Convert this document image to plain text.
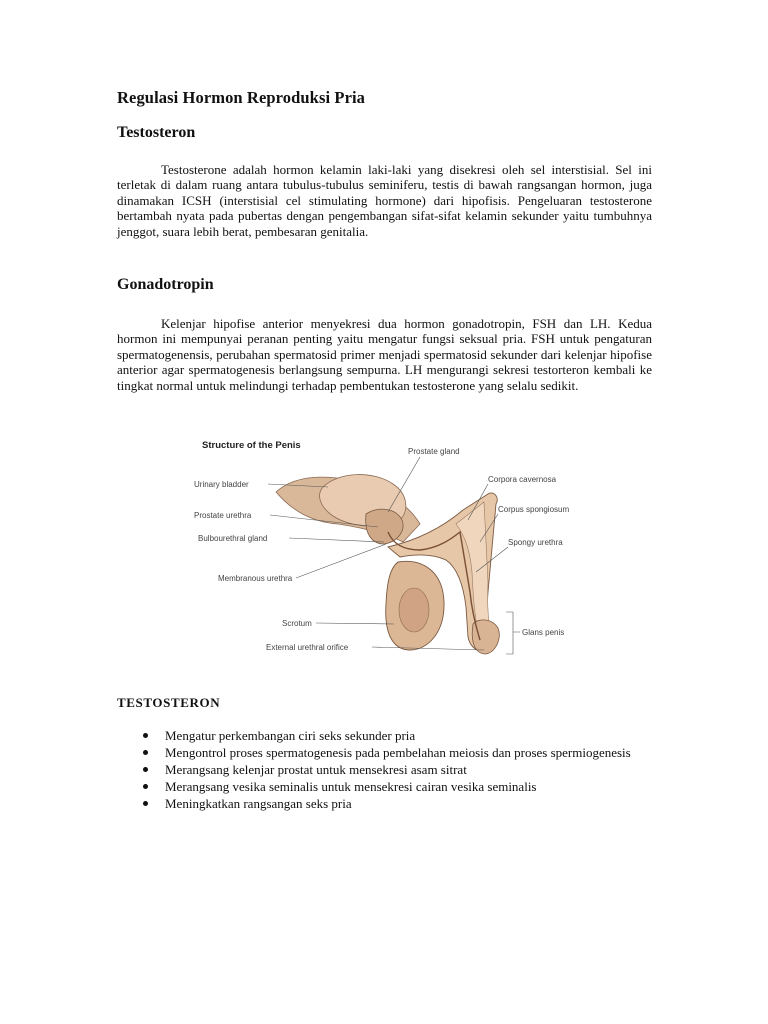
Regulasi Hormon Reproduksi Pria
Testosteron

Testosterone adalah hormon kelamin laki-laki yang disekresi oleh sel interstisial. Sel ini terletak di dalam ruang antara tubulus-tubulus seminiferu, testis di bawah rangsangan hormon, juga dinamakan ICSH (interstisial cel stimulating hormone) dari hipofisis. Pengeluaran testosterone bertambah nyata pada pubertas dengan pengembangan sifat-sifat kelamin sekunder yaitu tumbuhnya jenggot, suara lebih berat, pembesaran genitalia.

Gonadotropin

Kelenjar hipofise anterior menyekresi dua hormon gonadotropin, FSH dan LH. Kedua hormon ini mempunyai peranan penting yaitu mengatur fungsi seksual pria. FSH untuk pengaturan spermatogenensis, perubahan spermatosid primer menjadi spermatosid sekunder dari kelenjar hipofise anterior agar spermatogenesis berlangsung sempurna. LH mengurangi sekresi testorteron kembali ke tingkat normal untuk melindungi terhadap pembentukan testosterone yang selalu sedikit.

Structure of the Penis
Urinary bladder
Prostate urethra
Bulbourethral gland
Membranous urethra
Scrotum
External urethral orifice
Prostate gland
Corpora cavernosa
Corpus spongiosum
Spongy urethra
Glans penis
TESTOSTERON
Mengatur perkembangan ciri seks sekunder pria
Mengontrol proses spermatogenesis pada pembelahan meiosis dan proses spermiogenesis
Merangsang kelenjar prostat untuk mensekresi asam sitrat
Merangsang vesika seminalis untuk mensekresi cairan vesika seminalis
Meningkatkan rangsangan seks pria
